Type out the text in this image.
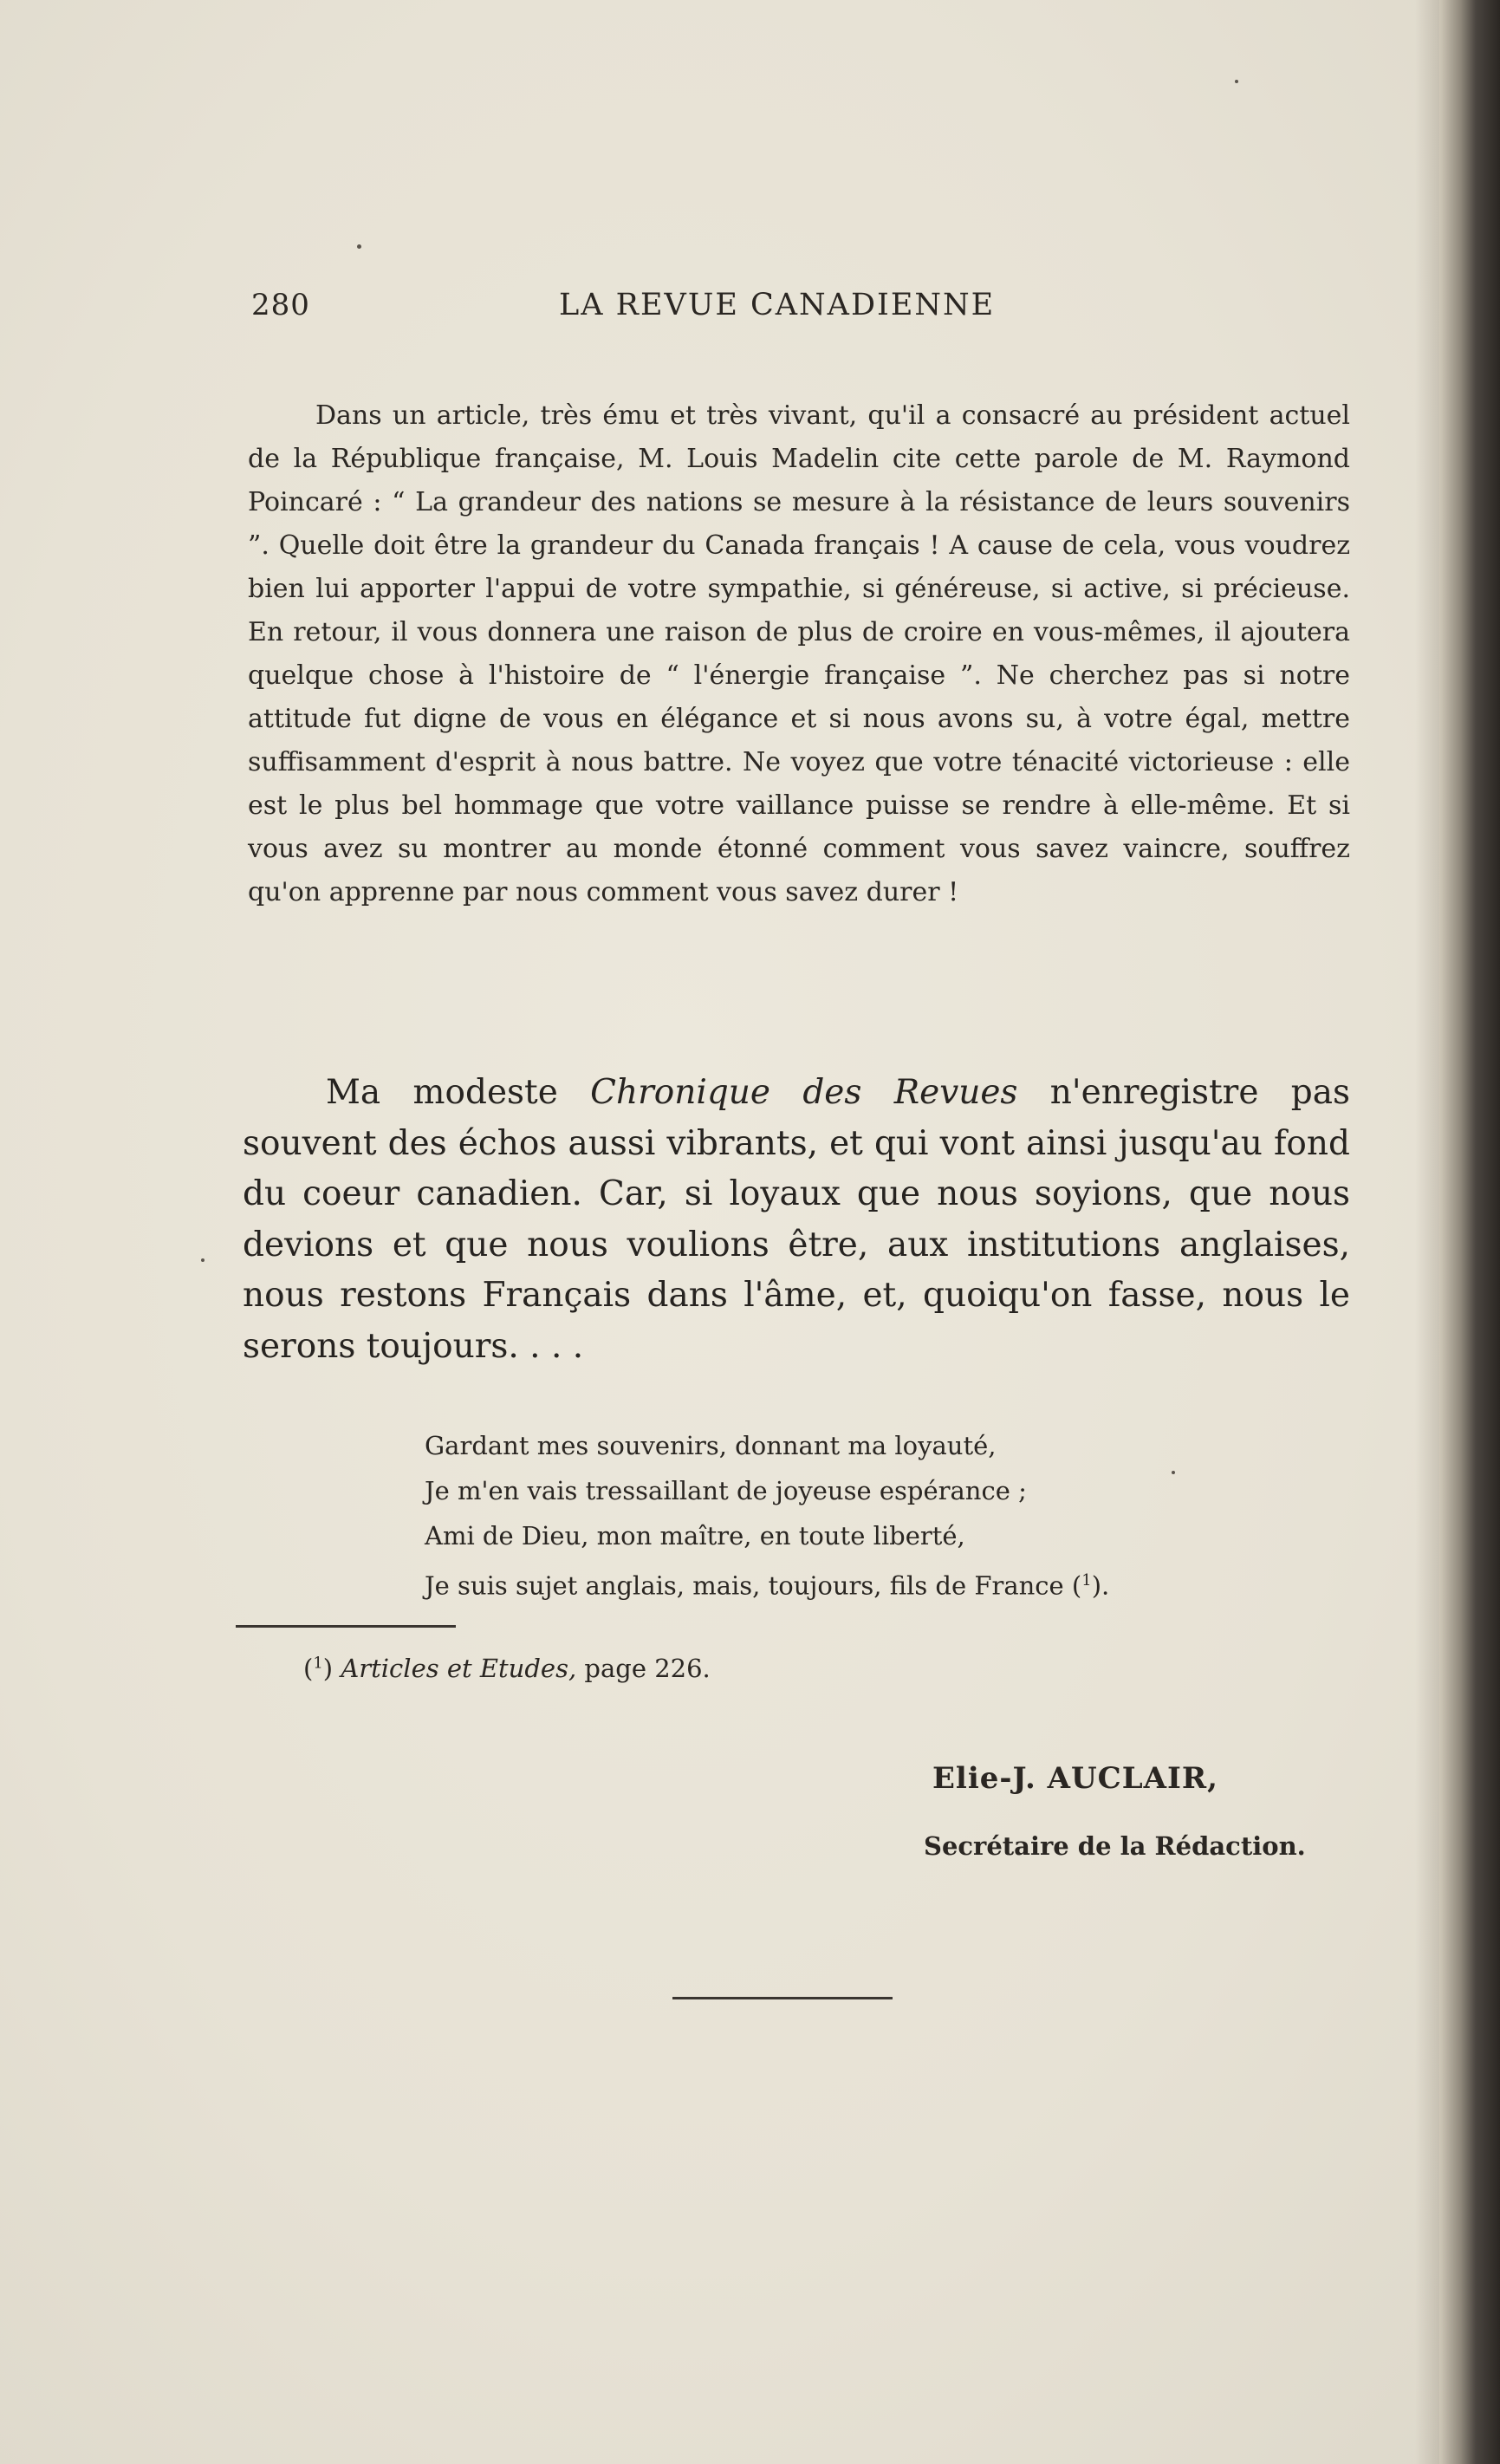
280	LA REVUE CANADIENNE

Dans un article, très ému et très vivant, qu'il a consacré au président actuel de la République française, M. Louis Madelin cite cette parole de M. Raymond Poincaré : “ La grandeur des nations se mesure à la résistance de leurs souvenirs ”. Quelle doit être la grandeur du Canada français ! A cause de cela, vous voudrez bien lui apporter l'appui de votre sympathie, si généreuse, si active, si précieuse. En retour, il vous donnera une raison de plus de croire en vous-mêmes, il ajoutera quelque chose à l'histoire de “ l'énergie française ”. Ne cherchez pas si notre attitude fut digne de vous en élégance et si nous avons su, à votre égal, mettre suffisamment d'esprit à nous battre. Ne voyez que votre ténacité victorieuse : elle est le plus bel hommage que votre vaillance puisse se rendre à elle-même. Et si vous avez su montrer au monde étonné comment vous savez vaincre, souffrez qu'on apprenne par nous comment vous savez durer !

Ma modeste Chronique des Revues n'enregistre pas souvent des échos aussi vibrants, et qui vont ainsi jusqu'au fond du coeur canadien. Car, si loyaux que nous soyions, que nous devions et que nous voulions être, aux institutions anglaises, nous restons Français dans l'âme, et, quoiqu'on fasse, nous le serons toujours. . . .

Gardant mes souvenirs, donnant ma loyauté,
Je m'en vais tressaillant de joyeuse espérance ;
Ami de Dieu, mon maître, en toute liberté,
Je suis sujet anglais, mais, toujours, fils de France ($^1$).
($^1$) Articles et Etudes, page 226.
Elie-J. AUCLAIR,
Secrétaire de la Rédaction.
